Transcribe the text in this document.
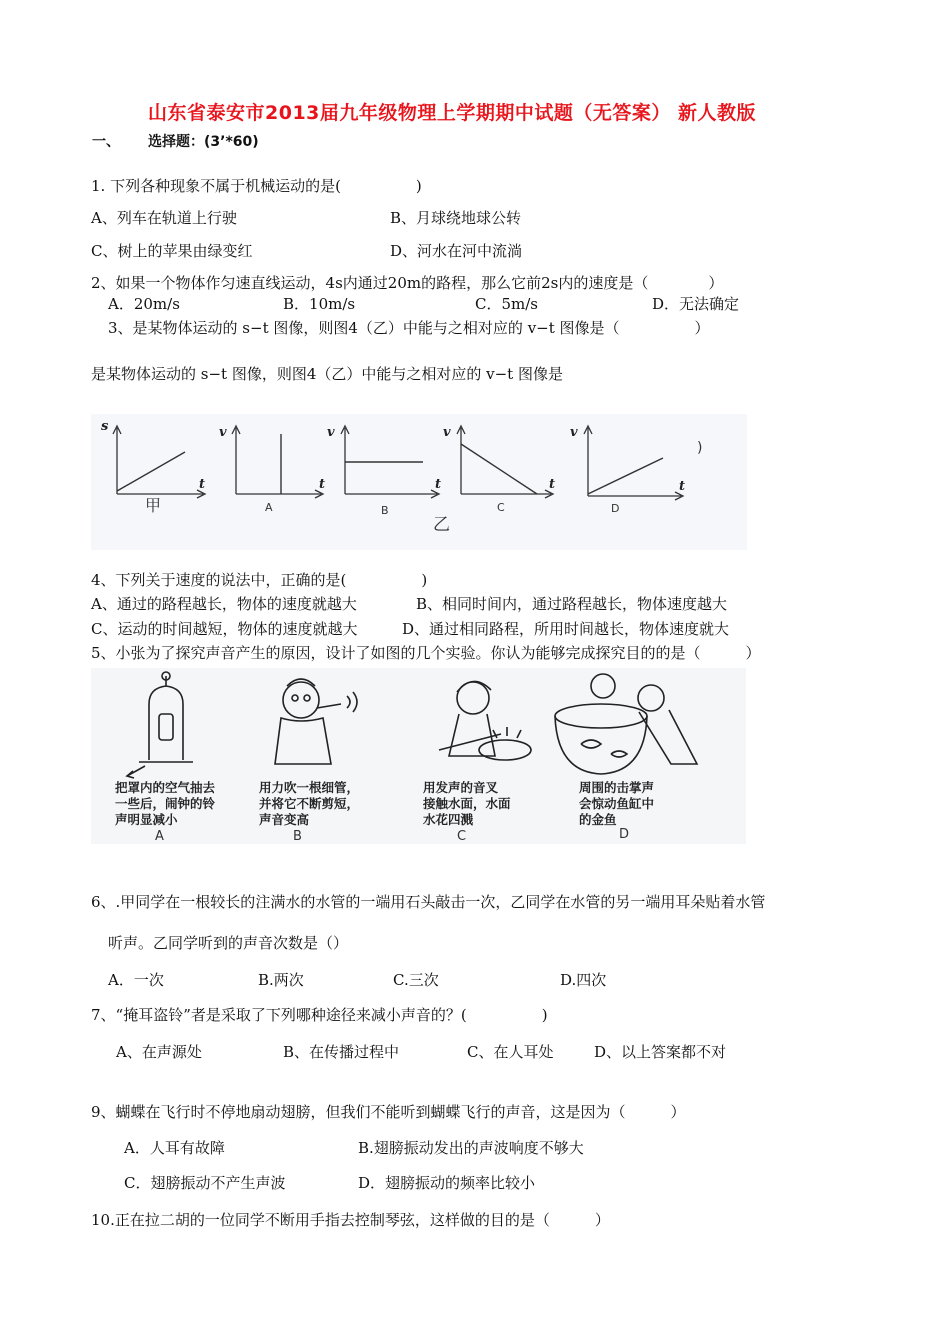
山东省泰安市2013届九年级物理上学期期中试题（无答案） 新人教版
一、 选择题：(3’*60)
1. 下列各种现象不属于机械运动的是(　　　　　)
A、列车在轨道上行驶	B、月球绕地球公转
C、树上的苹果由绿变红	D、河水在河中流淌
2、如果一个物体作匀速直线运动，4s内通过20m的路程，那么它前2s内的速度是（　　　　）
A．20m/s	B．10m/s	C．5m/s	D．无法确定
3、是某物体运动的 s−t 图像，则图4（乙）中能与之相对应的 v−t 图像是（　　　　　）
是某物体运动的 s−t 图像，则图4（乙）中能与之相对应的 v−t 图像是
s
t
甲
v
t
A
v
t
B
乙
v
t
C
v
t
D
)
4、下列关于速度的说法中，正确的是(　　　　　)
A、通过的路程越长，物体的速度就越大	B、相同时间内，通过路程越长，物体速度越大
C、运动的时间越短，物体的速度就越大	D、通过相同路程，所用时间越长，物体速度就大
5、小张为了探究声音产生的原因，设计了如图的几个实验。你认为能够完成探究目的的是（　　　）
把罩内的空气抽去
一些后，闹钟的铃
声明显减小
A
用力吹一根细管，
并将它不断剪短，
声音变高
B
用发声的音叉
接触水面，水面
水花四溅
C
周围的击掌声
会惊动鱼缸中
的金鱼
D
6、.甲同学在一根较长的注满水的水管的一端用石头敲击一次，乙同学在水管的另一端用耳朵贴着水管
听声。乙同学听到的声音次数是（）
A．一次	B.两次	C.三次	D.四次
7、“掩耳盗铃”者是采取了下列哪种途径来减小声音的？(　　　　　)
A、在声源处	B、在传播过程中	C、在人耳处	D、以上答案都不对
9、蝴蝶在飞行时不停地扇动翅膀，但我们不能听到蝴蝶飞行的声音，这是因为（　　　）
A．人耳有故障	B.翅膀振动发出的声波响度不够大
C．翅膀振动不产生声波	D．翅膀振动的频率比较小
10.正在拉二胡的一位同学不断用手指去控制琴弦，这样做的目的是（　　　）
